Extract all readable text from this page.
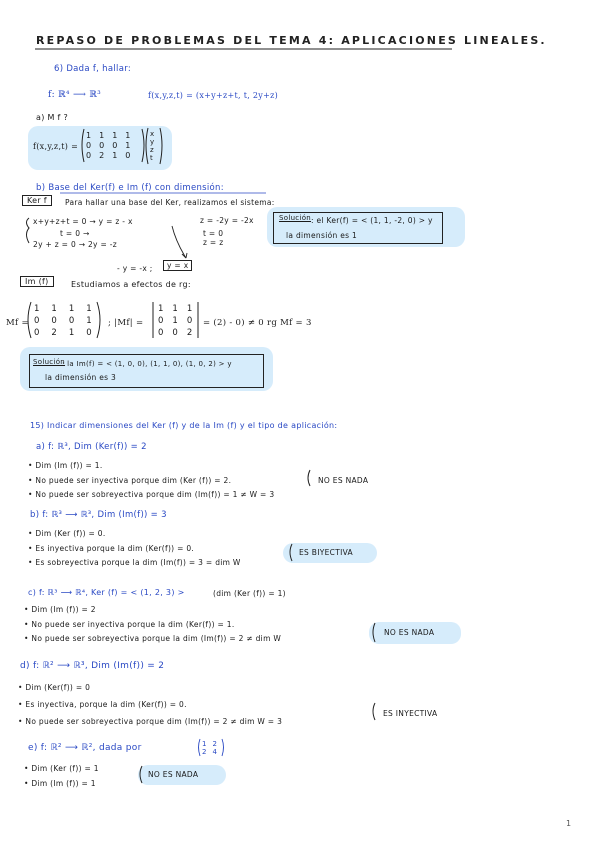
REPASO DE PROBLEMAS DEL TEMA 4: APLICACIONES LINEALES.
6) Dada f, hallar:
f: ℝ⁴ ⟶ ℝ³	f(x,y,z,t) = (x+y+z+t, t, 2y+z)
a) M f ?
f(x,y,z,t) =
1 1 1 1
0 0 0 1
0 2 1 0
x
y
z
t
b) Base del Ker(f) e Im (f) con dimensión:
Ker f	Para hallar una base del Ker, realizamos el sistema:
x+y+z+t = 0 → y = z - x
t = 0 →
2y + z = 0 → 2y = -z
z = -2y = -2x
t = 0
z = z
- y = -x ;	y = x
Solución : el Ker(f) = < (1, 1, -2, 0) > y
la dimensión es 1
Im (f)	Estudiamos a efectos de rg:
Mf =
1 1 1 1
0 0 0 1
0 2 1 0
; |Mf| =
1 1 1
0 1 0
0 0 2
= (2) - 0) ≠ 0 rg Mf = 3
Solución
: la Im(f) = < (1, 0, 0), (1, 1, 0), (1, 0, 2) > y
la dimensión es 3
15) Indicar dimensiones del Ker (f) y de la Im (f) y el tipo de aplicación:
a) f: ℝ³, Dim (Ker(f)) = 2
• Dim (Im (f)) = 1.
• No puede ser inyectiva porque dim (Ker (f)) = 2.
• No puede ser sobreyectiva porque dim (Im(f)) = 1 ≠ W = 3
NO ES NADA
b) f: ℝ³ ⟶ ℝ³, Dim (Im(f)) = 3
• Dim (Ker (f)) = 0.
• Es inyectiva porque la dim (Ker(f)) = 0.
• Es sobreyectiva porque la dim (Im(f)) = 3 = dim W
ES BIYECTIVA
c) f: ℝ³ ⟶ ℝ⁴, Ker (f) = < (1, 2, 3) >	(dim (Ker (f)) = 1)
• Dim (Im (f)) = 2
• No puede ser inyectiva porque la dim (Ker(f)) = 1.
• No puede ser sobreyectiva porque la dim (Im(f)) = 2 ≠ dim W
NO ES NADA
d) f: ℝ² ⟶ ℝ³, Dim (Im(f)) = 2
• Dim (Ker(f)) = 0
• Es inyectiva, porque la dim (Ker(f)) = 0.
• No puede ser sobreyectiva porque dim (Im(f)) = 2 ≠ dim W = 3
ES INYECTIVA
e) f: ℝ² ⟶ ℝ², dada por	1 2
2 4
• Dim (Ker (f)) = 1
• Dim (Im (f)) = 1
NO ES NADA
1
